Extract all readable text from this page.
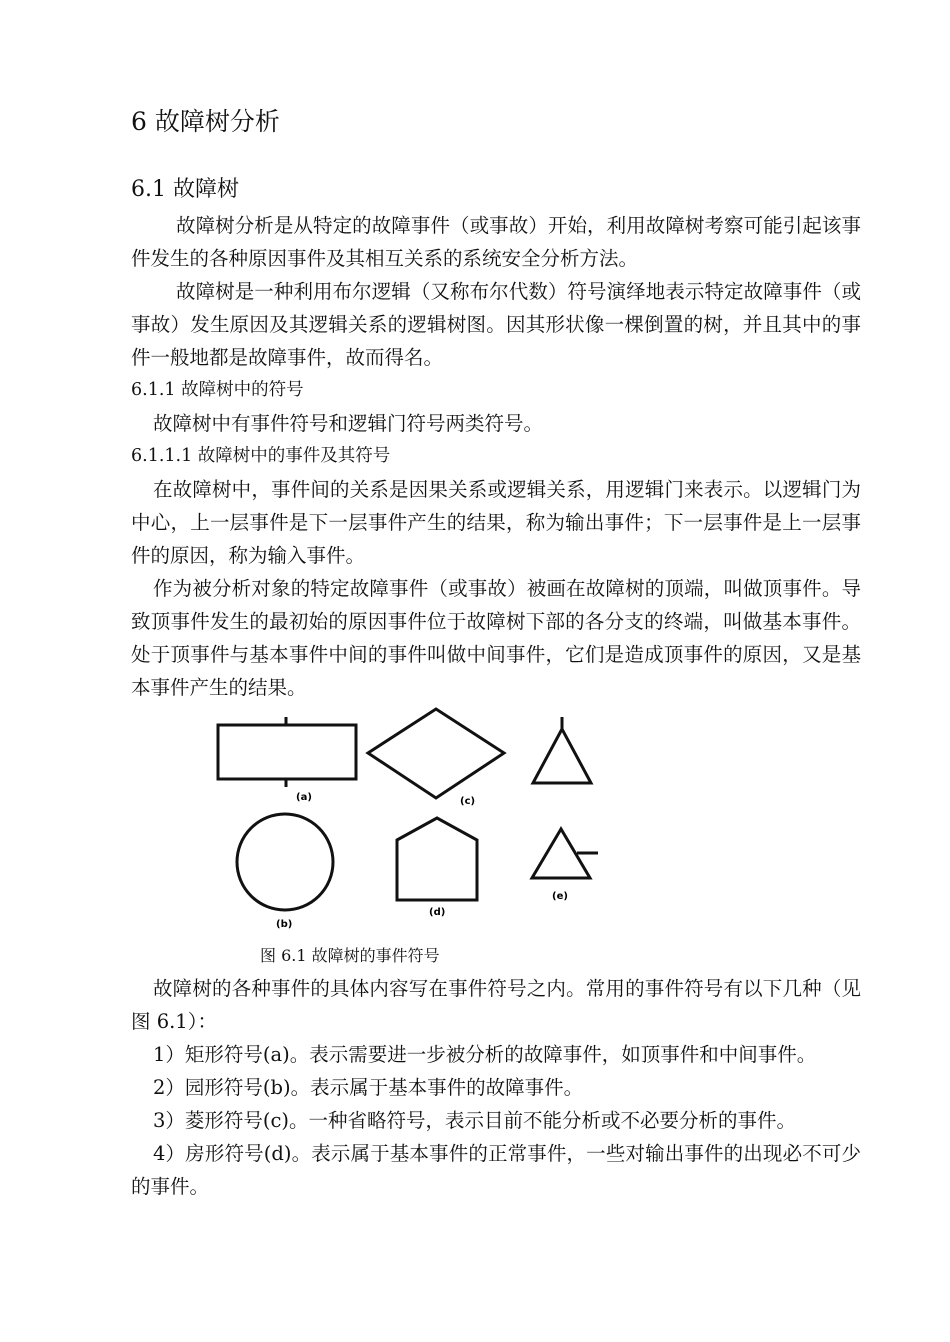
6 故障树分析
6.1 故障树

故障树分析是从特定的故障事件（或事故）开始，利用故障树考察可能引起该事件发生的各种原因事件及其相互关系的系统安全分析方法。

故障树是一种利用布尔逻辑（又称布尔代数）符号演绎地表示特定故障事件（或事故）发生原因及其逻辑关系的逻辑树图。因其形状像一棵倒置的树，并且其中的事件一般地都是故障事件，故而得名。

6.1.1 故障树中的符号

故障树中有事件符号和逻辑门符号两类符号。

6.1.1.1 故障树中的事件及其符号

在故障树中，事件间的关系是因果关系或逻辑关系，用逻辑门来表示。以逻辑门为中心，上一层事件是下一层事件产生的结果，称为输出事件；下一层事件是上一层事件的原因，称为输入事件。

作为被分析对象的特定故障事件（或事故）被画在故障树的顶端，叫做顶事件。导致顶事件发生的最初始的原因事件位于故障树下部的各分支的终端，叫做基本事件。处于顶事件与基本事件中间的事件叫做中间事件，它们是造成顶事件的原因，又是基本事件产生的结果。

(a)	(c)
(b)
(d)
(e)
图 6.1 故障树的事件符号

故障树的各种事件的具体内容写在事件符号之内。常用的事件符号有以下几种（见图 6.1）：

1）矩形符号(a)。表示需要进一步被分析的故障事件，如顶事件和中间事件。

2）园形符号(b)。表示属于基本事件的故障事件。

3）菱形符号(c)。一种省略符号，表示目前不能分析或不必要分析的事件。

4）房形符号(d)。表示属于基本事件的正常事件，一些对输出事件的出现必不可少的事件。
